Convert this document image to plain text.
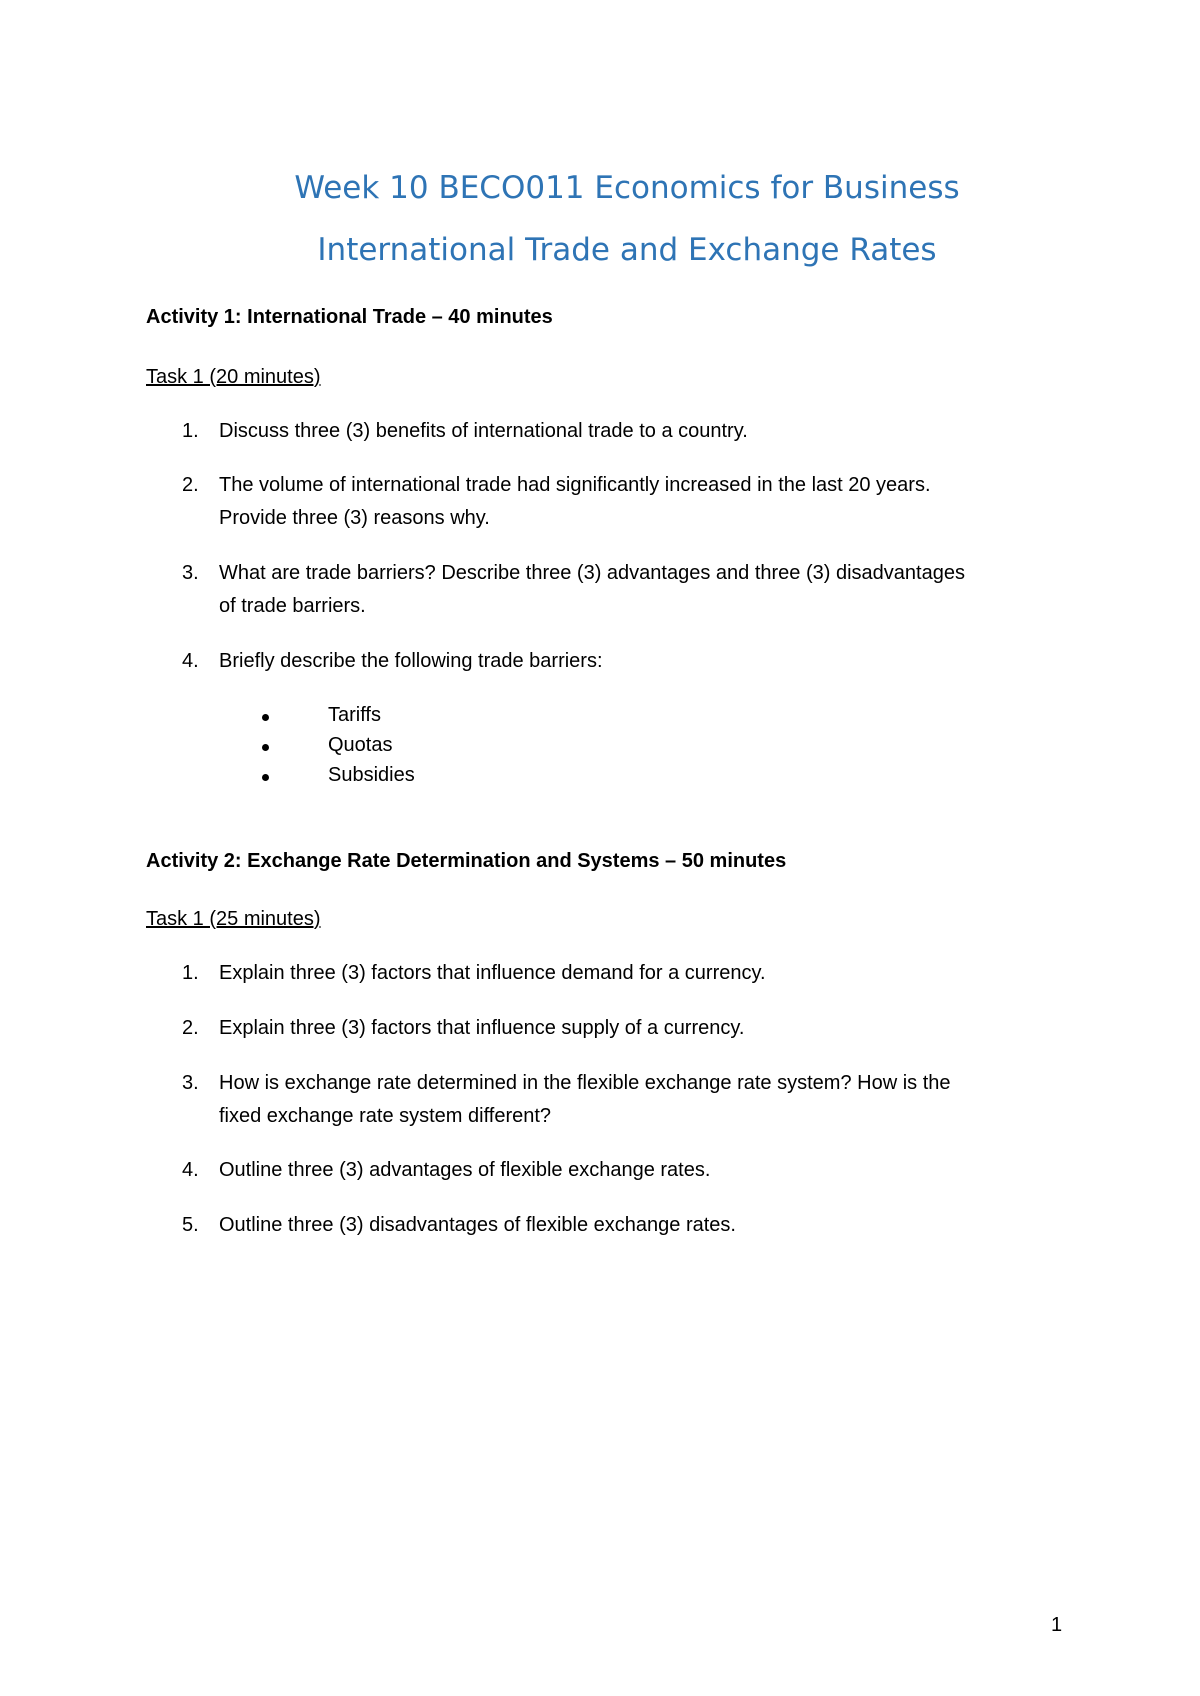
Week 10 BECO011 Economics for Business
International Trade and Exchange Rates
Activity 1: International Trade – 40 minutes
Task 1 (20 minutes)
1. Discuss three (3) benefits of international trade to a country.
2. The volume of international trade had significantly increased in the last 20 years.
Provide three (3) reasons why.
3. What are trade barriers? Describe three (3) advantages and three (3) disadvantages
of trade barriers.
4. Briefly describe the following trade barriers:
Tariffs
Quotas
Subsidies
Activity 2: Exchange Rate Determination and Systems – 50 minutes
Task 1 (25 minutes)
1. Explain three (3) factors that influence demand for a currency.
2. Explain three (3) factors that influence supply of a currency.
3. How is exchange rate determined in the flexible exchange rate system? How is the
fixed exchange rate system different?
4. Outline three (3) advantages of flexible exchange rates.
5. Outline three (3) disadvantages of flexible exchange rates.
1
